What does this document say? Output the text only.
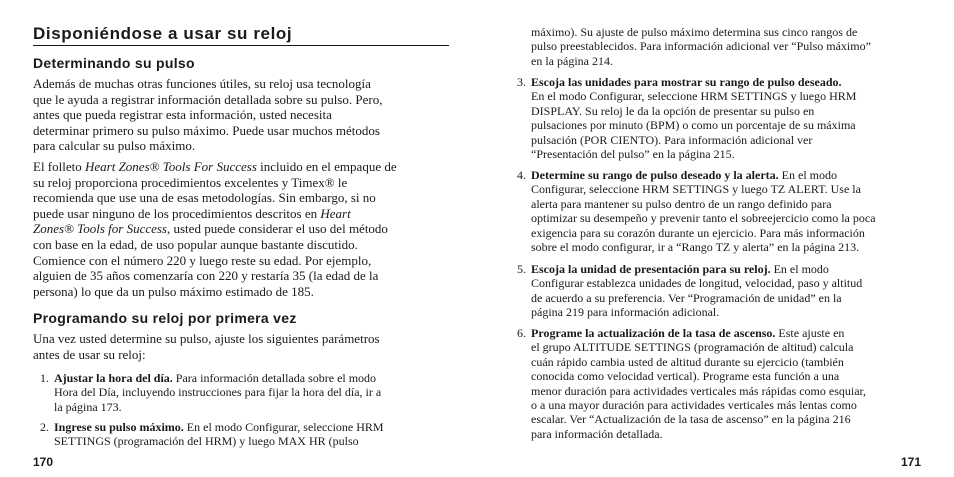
Disponiéndose a usar su reloj
Determinando su pulso

Además de muchas otras funciones útiles, su reloj usa tecnología

que le ayuda a registrar información detallada sobre su pulso. Pero,

antes que pueda registrar esta información, usted necesita

determinar primero su pulso máximo. Puede usar muchos métodos

para calcular su pulso máximo.

El folleto Heart Zones® Tools For Success incluido en el empaque de

su reloj proporciona procedimientos excelentes y Timex® le

recomienda que use una de esas metodologías. Sin embargo, si no

puede usar ninguno de los procedimientos descritos en Heart

Zones® Tools for Success, usted puede considerar el uso del método

con base en la edad, de uso popular aunque bastante discutido.

Comience con el número 220 y luego reste su edad. Por ejemplo,

alguien de 35 años comenzaría con 220 y restaría 35 (la edad de la

persona) lo que da un pulso máximo estimado de 185.

Programando su reloj por primera vez

Una vez usted determine su pulso, ajuste los siguientes parámetros

antes de usar su reloj:

1. Ajustar la hora del día. Para información detallada sobre el modo

Hora del Día, incluyendo instrucciones para fijar la hora del día, ir a

la página 173.

2. Ingrese su pulso máximo. En el modo Configurar, seleccione HRM

SETTINGS (programación del HRM) y luego MAX HR (pulso

170

máximo). Su ajuste de pulso máximo determina sus cinco rangos de

pulso preestablecidos. Para información adicional ver “Pulso máximo”

en la página 214.

3. Escoja las unidades para mostrar su rango de pulso deseado.

En el modo Configurar, seleccione HRM SETTINGS y luego HRM

DISPLAY. Su reloj le da la opción de presentar su pulso en

pulsaciones por minuto (BPM) o como un porcentaje de su máxima

pulsación (POR CIENTO). Para información adicional ver

“Presentación del pulso” en la página 215.

4. Determine su rango de pulso deseado y la alerta. En el modo

Configurar, seleccione HRM SETTINGS y luego TZ ALERT. Use la

alerta para mantener su pulso dentro de un rango definido para

optimizar su desempeño y prevenir tanto el sobreejercicio como la poca

exigencia para su corazón durante un ejercicio. Para más información

sobre el modo configurar, ir a “Rango TZ y alerta” en la página 213.

5. Escoja la unidad de presentación para su reloj. En el modo

Configurar establezca unidades de longitud, velocidad, paso y altitud

de acuerdo a su preferencia. Ver “Programación de unidad” en la

página 219 para información adicional.

6. Programe la actualización de la tasa de ascenso. Este ajuste en

el grupo ALTITUDE SETTINGS (programación de altitud) calcula

cuán rápido cambia usted de altitud durante su ejercicio (también

conocida como velocidad vertical). Programe esta función a una

menor duración para actividades verticales más rápidas como esquiar,

o a una mayor duración para actividades verticales más lentas como

escalar. Ver “Actualización de la tasa de ascenso” en la página 216

para información detallada.

171
